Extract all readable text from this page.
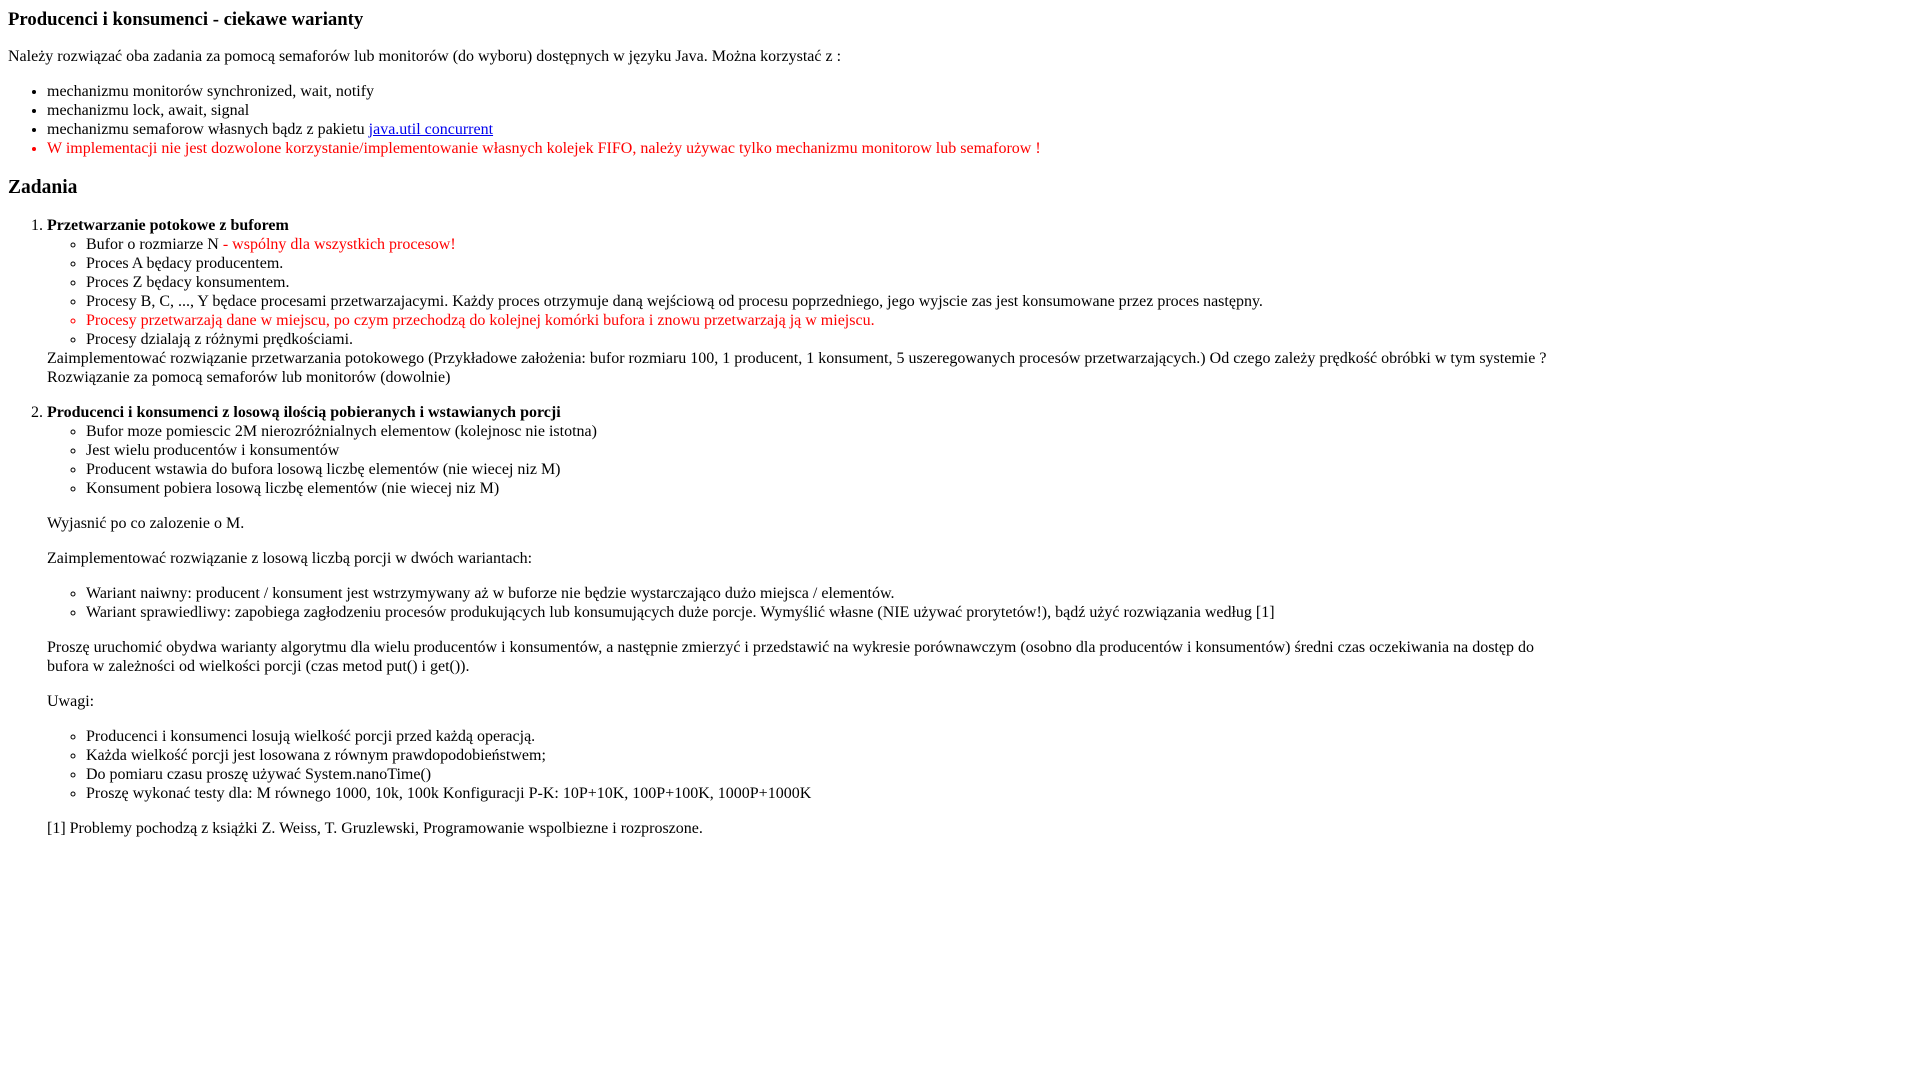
Producenci i konsumenci - ciekawe warianty

Należy rozwiązać oba zadania za pomocą semaforów lub monitorów (do wyboru) dostępnych w języku Java. Można korzystać z :

• mechanizmu monitorów synchronized, wait, notify
• mechanizmu lock, await, signal
• mechanizmu semaforow własnych bądz z pakietu java.util concurrent
• W implementacji nie jest dozwolone korzystanie/implementowanie własnych kolejek FIFO, należy używac tylko mechanizmu monitorow lub semaforow !
Zadania
1. Przetwarzanie potokowe z buforem
◦ Bufor o rozmiarze N - wspólny dla wszystkich procesow!
◦ Proces A będacy producentem.
◦ Proces Z będacy konsumentem.
◦ Procesy B, C, ..., Y będace procesami przetwarzajacymi. Każdy proces otrzymuje daną wejściową od procesu poprzedniego, jego wyjscie zas jest konsumowane przez proces następny.
◦ Procesy przetwarzają dane w miejscu, po czym przechodzą do kolejnej komórki bufora i znowu przetwarzają ją w miejscu.
◦ Procesy dzialają z różnymi prędkościami.
Zaimplementować rozwiązanie przetwarzania potokowego (Przykładowe założenia: bufor rozmiaru 100, 1 producent, 1 konsument, 5 uszeregowanych procesów przetwarzających.) Od czego zależy prędkość obróbki w tym systemie ? Rozwiązanie za pomocą semaforów lub monitorów (dowolnie)
2. Producenci i konsumenci z losową ilością pobieranych i wstawianych porcji
◦ Bufor moze pomiescic 2M nierozróżnialnych elementow (kolejnosc nie istotna)
◦ Jest wielu producentów i konsumentów
◦ Producent wstawia do bufora losową liczbę elementów (nie wiecej niz M)
◦ Konsument pobiera losową liczbę elementów (nie wiecej niz M)

Wyjasnić po co zalozenie o M.

Zaimplementować rozwiązanie z losową liczbą porcji w dwóch wariantach:

◦ Wariant naiwny: producent / konsument jest wstrzymywany aż w buforze nie będzie wystarczająco dużo miejsca / elementów.
◦ Wariant sprawiedliwy: zapobiega zagłodzeniu procesów produkujących lub konsumujących duże porcje. Wymyślić własne (NIE używać prorytetów!), bądź użyć rozwiązania według [1]

Proszę uruchomić obydwa warianty algorytmu dla wielu producentów i konsumentów, a następnie zmierzyć i przedstawić na wykresie porównawczym (osobno dla producentów i konsumentów) średni czas oczekiwania na dostęp do bufora w zależności od wielkości porcji (czas metod put() i get()).

Uwagi:

◦ Producenci i konsumenci losują wielkość porcji przed każdą operacją.
◦ Każda wielkość porcji jest losowana z równym prawdopodobieństwem;
◦ Do pomiaru czasu proszę używać System.nanoTime()
◦ Proszę wykonać testy dla: M równego 1000, 10k, 100k Konfiguracji P-K: 10P+10K, 100P+100K, 1000P+1000K

[1] Problemy pochodzą z książki Z. Weiss, T. Gruzlewski, Programowanie wspolbiezne i rozproszone.
